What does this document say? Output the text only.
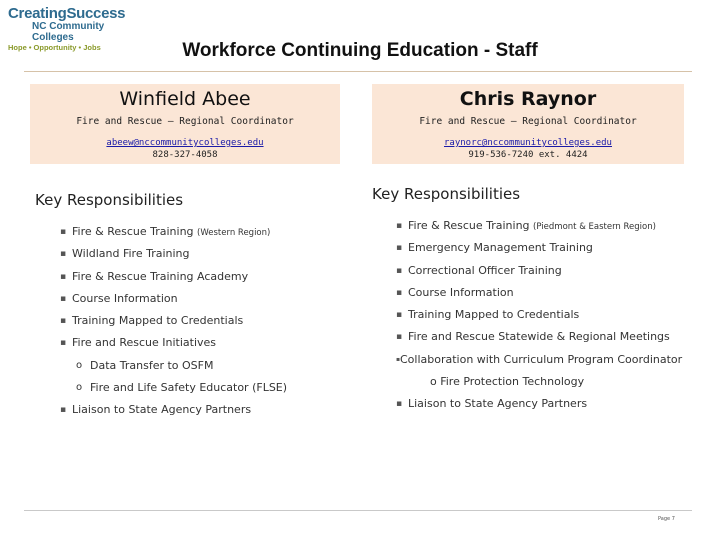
CreatingSuccess
NC Community Colleges
Hope • Opportunity • Jobs	Workforce Continuing Education - Staff
Winfield Abee
Fire and Rescue – Regional Coordinator
abeew@nccommunitycolleges.edu
828-327-4058
Chris Raynor
Fire and Rescue – Regional Coordinator
raynorc@nccommunitycolleges.edu
919-536-7240 ext. 4424
Key Responsibilities
▪ Fire & Rescue Training (Western Region)
▪ Wildland Fire Training
▪ Fire & Rescue Training Academy
▪ Course Information
▪ Training Mapped to Credentials
▪ Fire and Rescue Initiatives
o Data Transfer to OSFM
o Fire and Life Safety Educator (FLSE)
▪ Liaison to State Agency Partners
Key Responsibilities
▪ Fire & Rescue Training (Piedmont & Eastern Region)
▪ Emergency Management Training
▪ Correctional Officer Training
▪ Course Information
▪ Training Mapped to Credentials
▪ Fire and Rescue Statewide & Regional Meetings
▪ Collaboration with Curriculum Program Coordinator
o Fire Protection Technology
▪ Liaison to State Agency Partners
Page 7
